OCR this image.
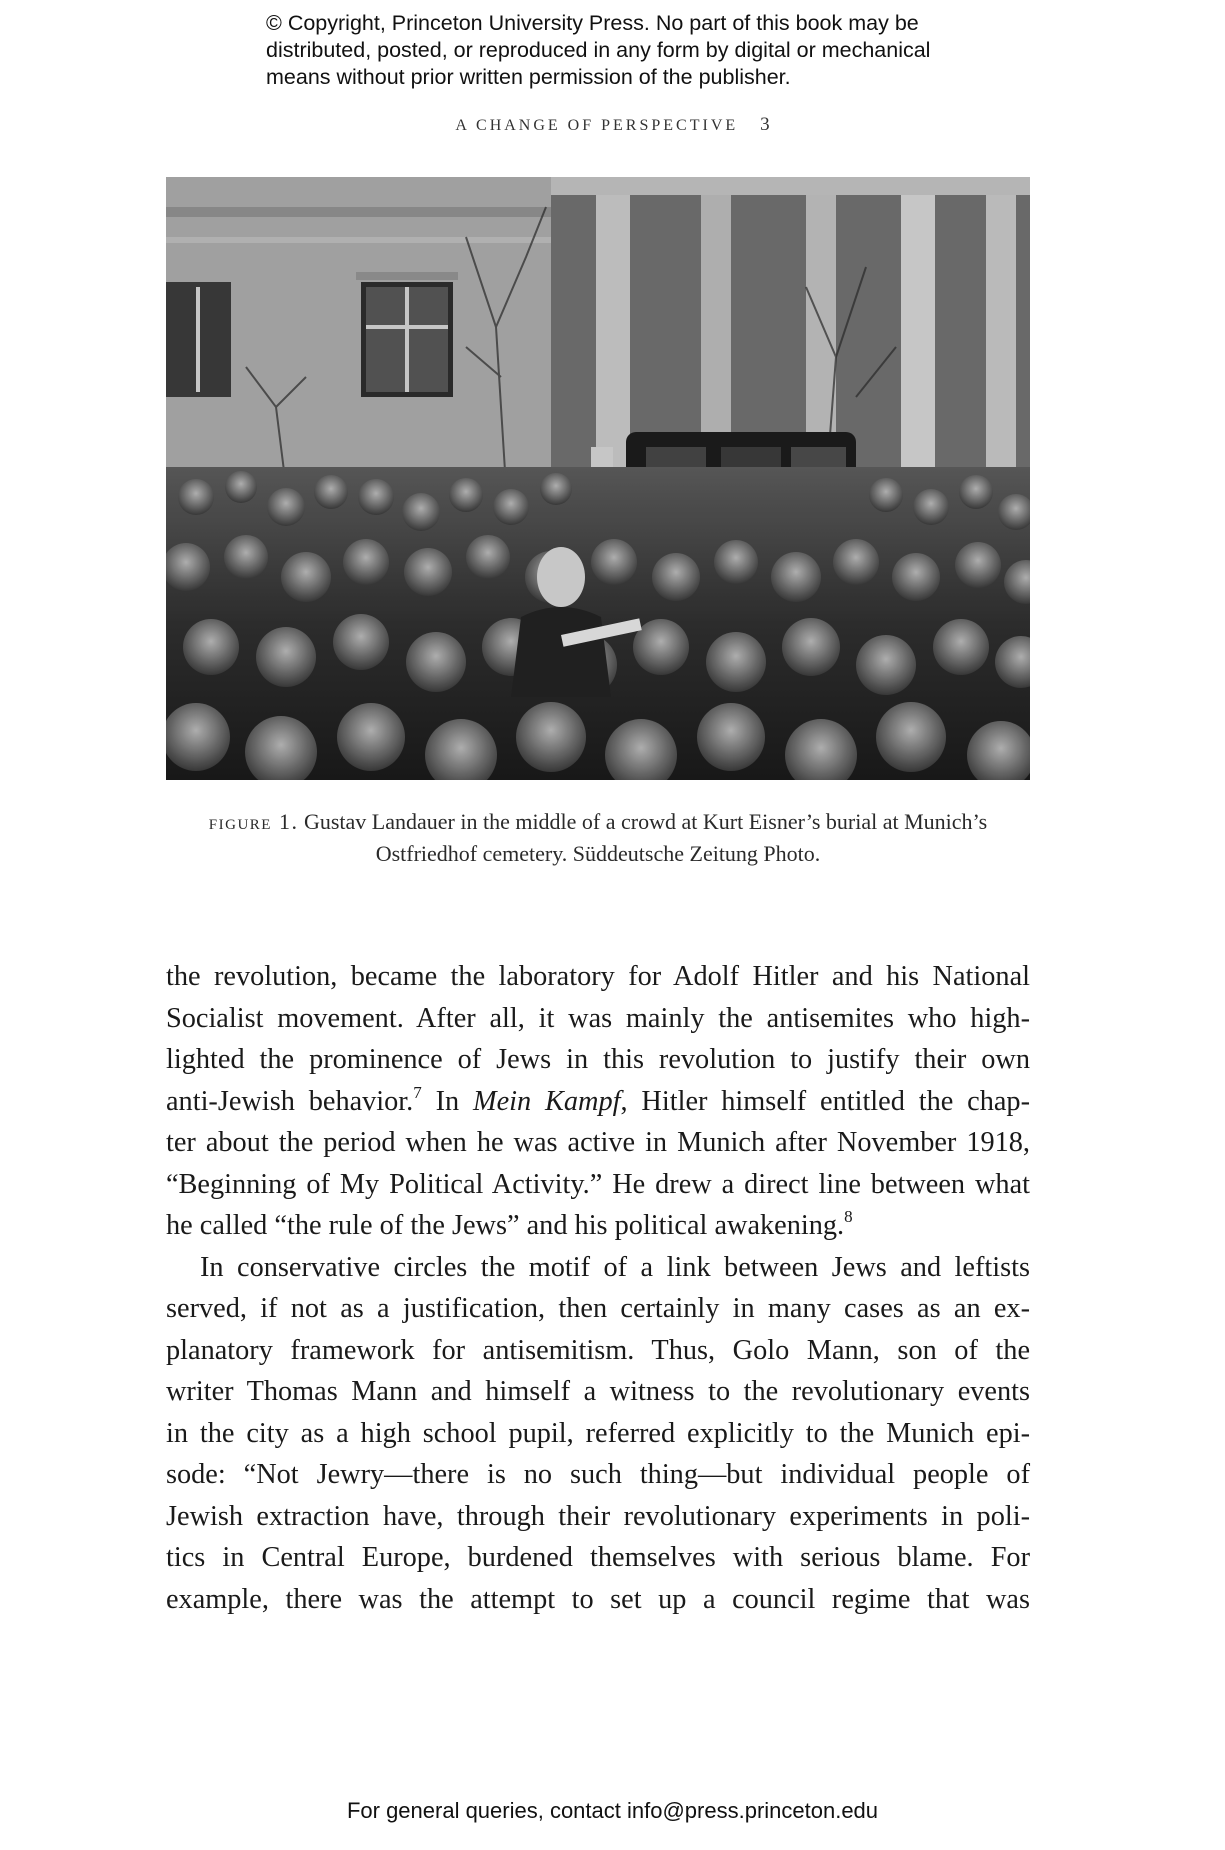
© Copyright, Princeton University Press. No part of this book may be
distributed, posted, or reproduced in any form by digital or mechanical
means without prior written permission of the publisher.
A CHANGE OF PERSPECTIVE 3
figure 1. Gustav Landauer in the middle of a crowd at Kurt Eisner’s burial at Munich’s
Ostfriedhof cemetery. Süddeutsche Zeitung Photo.
the revolution, became the laboratory for Adolf Hitler and his National
Socialist movement. After all, it was mainly the antisemites who high-
lighted the prominence of Jews in this revolution to justify their own
anti-Jewish behavior.$^7$ In Mein Kampf, Hitler himself entitled the chap-
ter about the period when he was active in Munich after November 1918,
“Beginning of My Political Activity.” He drew a direct line between what
he called “the rule of the Jews” and his political awakening.$^8$
In conservative circles the motif of a link between Jews and leftists
served, if not as a justification, then certainly in many cases as an ex-
planatory framework for antisemitism. Thus, Golo Mann, son of the
writer Thomas Mann and himself a witness to the revolutionary events
in the city as a high school pupil, referred explicitly to the Munich epi-
sode: “Not Jewry—there is no such thing—but individual people of
Jewish extraction have, through their revolutionary experiments in poli-
tics in Central Europe, burdened themselves with serious blame. For
example, there was the attempt to set up a council regime that was
For general queries, contact info@press.princeton.edu
